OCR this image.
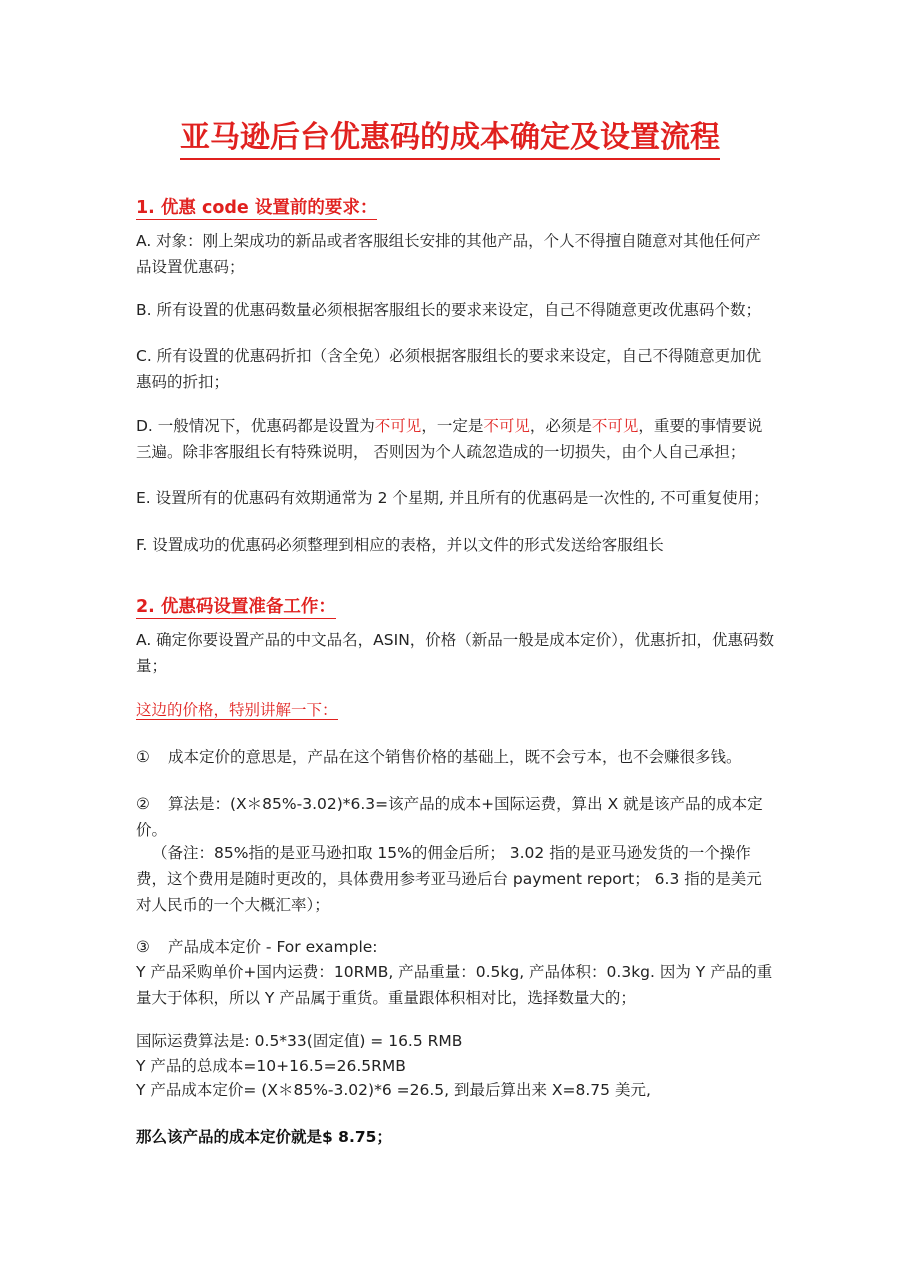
亚马逊后台优惠码的成本确定及设置流程
1. 优惠 code 设置前的要求：
A. 对象：刚上架成功的新品或者客服组长安排的其他产品，个人不得擅自随意对其他任何产品设置优惠码；
B. 所有设置的优惠码数量必须根据客服组长的要求来设定，自己不得随意更改优惠码个数；
C. 所有设置的优惠码折扣（含全免）必须根据客服组长的要求来设定，自己不得随意更加优惠码的折扣；
D. 一般情况下，优惠码都是设置为不可见，一定是不可见，必须是不可见，重要的事情要说三遍。除非客服组长有特殊说明， 否则因为个人疏忽造成的一切损失，由个人自己承担；
E. 设置所有的优惠码有效期通常为 2 个星期, 并且所有的优惠码是一次性的, 不可重复使用；
F. 设置成功的优惠码必须整理到相应的表格，并以文件的形式发送给客服组长
2. 优惠码设置准备工作：
A. 确定你要设置产品的中文品名，ASIN，价格（新品一般是成本定价），优惠折扣，优惠码数量；
这边的价格，特别讲解一下：
① 成本定价的意思是，产品在这个销售价格的基础上，既不会亏本，也不会赚很多钱。
② 算法是：(X＊85%-3.02)*6.3=该产品的成本+国际运费，算出 X 就是该产品的成本定价。
（备注：85%指的是亚马逊扣取 15%的佣金后所； 3.02 指的是亚马逊发货的一个操作费，这个费用是随时更改的，具体费用参考亚马逊后台 payment report； 6.3 指的是美元对人民币的一个大概汇率）；
③ 产品成本定价 - For example:
Y 产品采购单价+国内运费：10RMB, 产品重量：0.5kg, 产品体积：0.3kg. 因为 Y 产品的重量大于体积，所以 Y 产品属于重货。重量跟体积相对比，选择数量大的；
国际运费算法是: 0.5*33(固定值) = 16.5 RMB
Y 产品的总成本=10+16.5=26.5RMB
Y 产品成本定价= (X＊85%-3.02)*6 =26.5, 到最后算出来 X=8.75 美元,
那么该产品的成本定价就是$ 8.75；
